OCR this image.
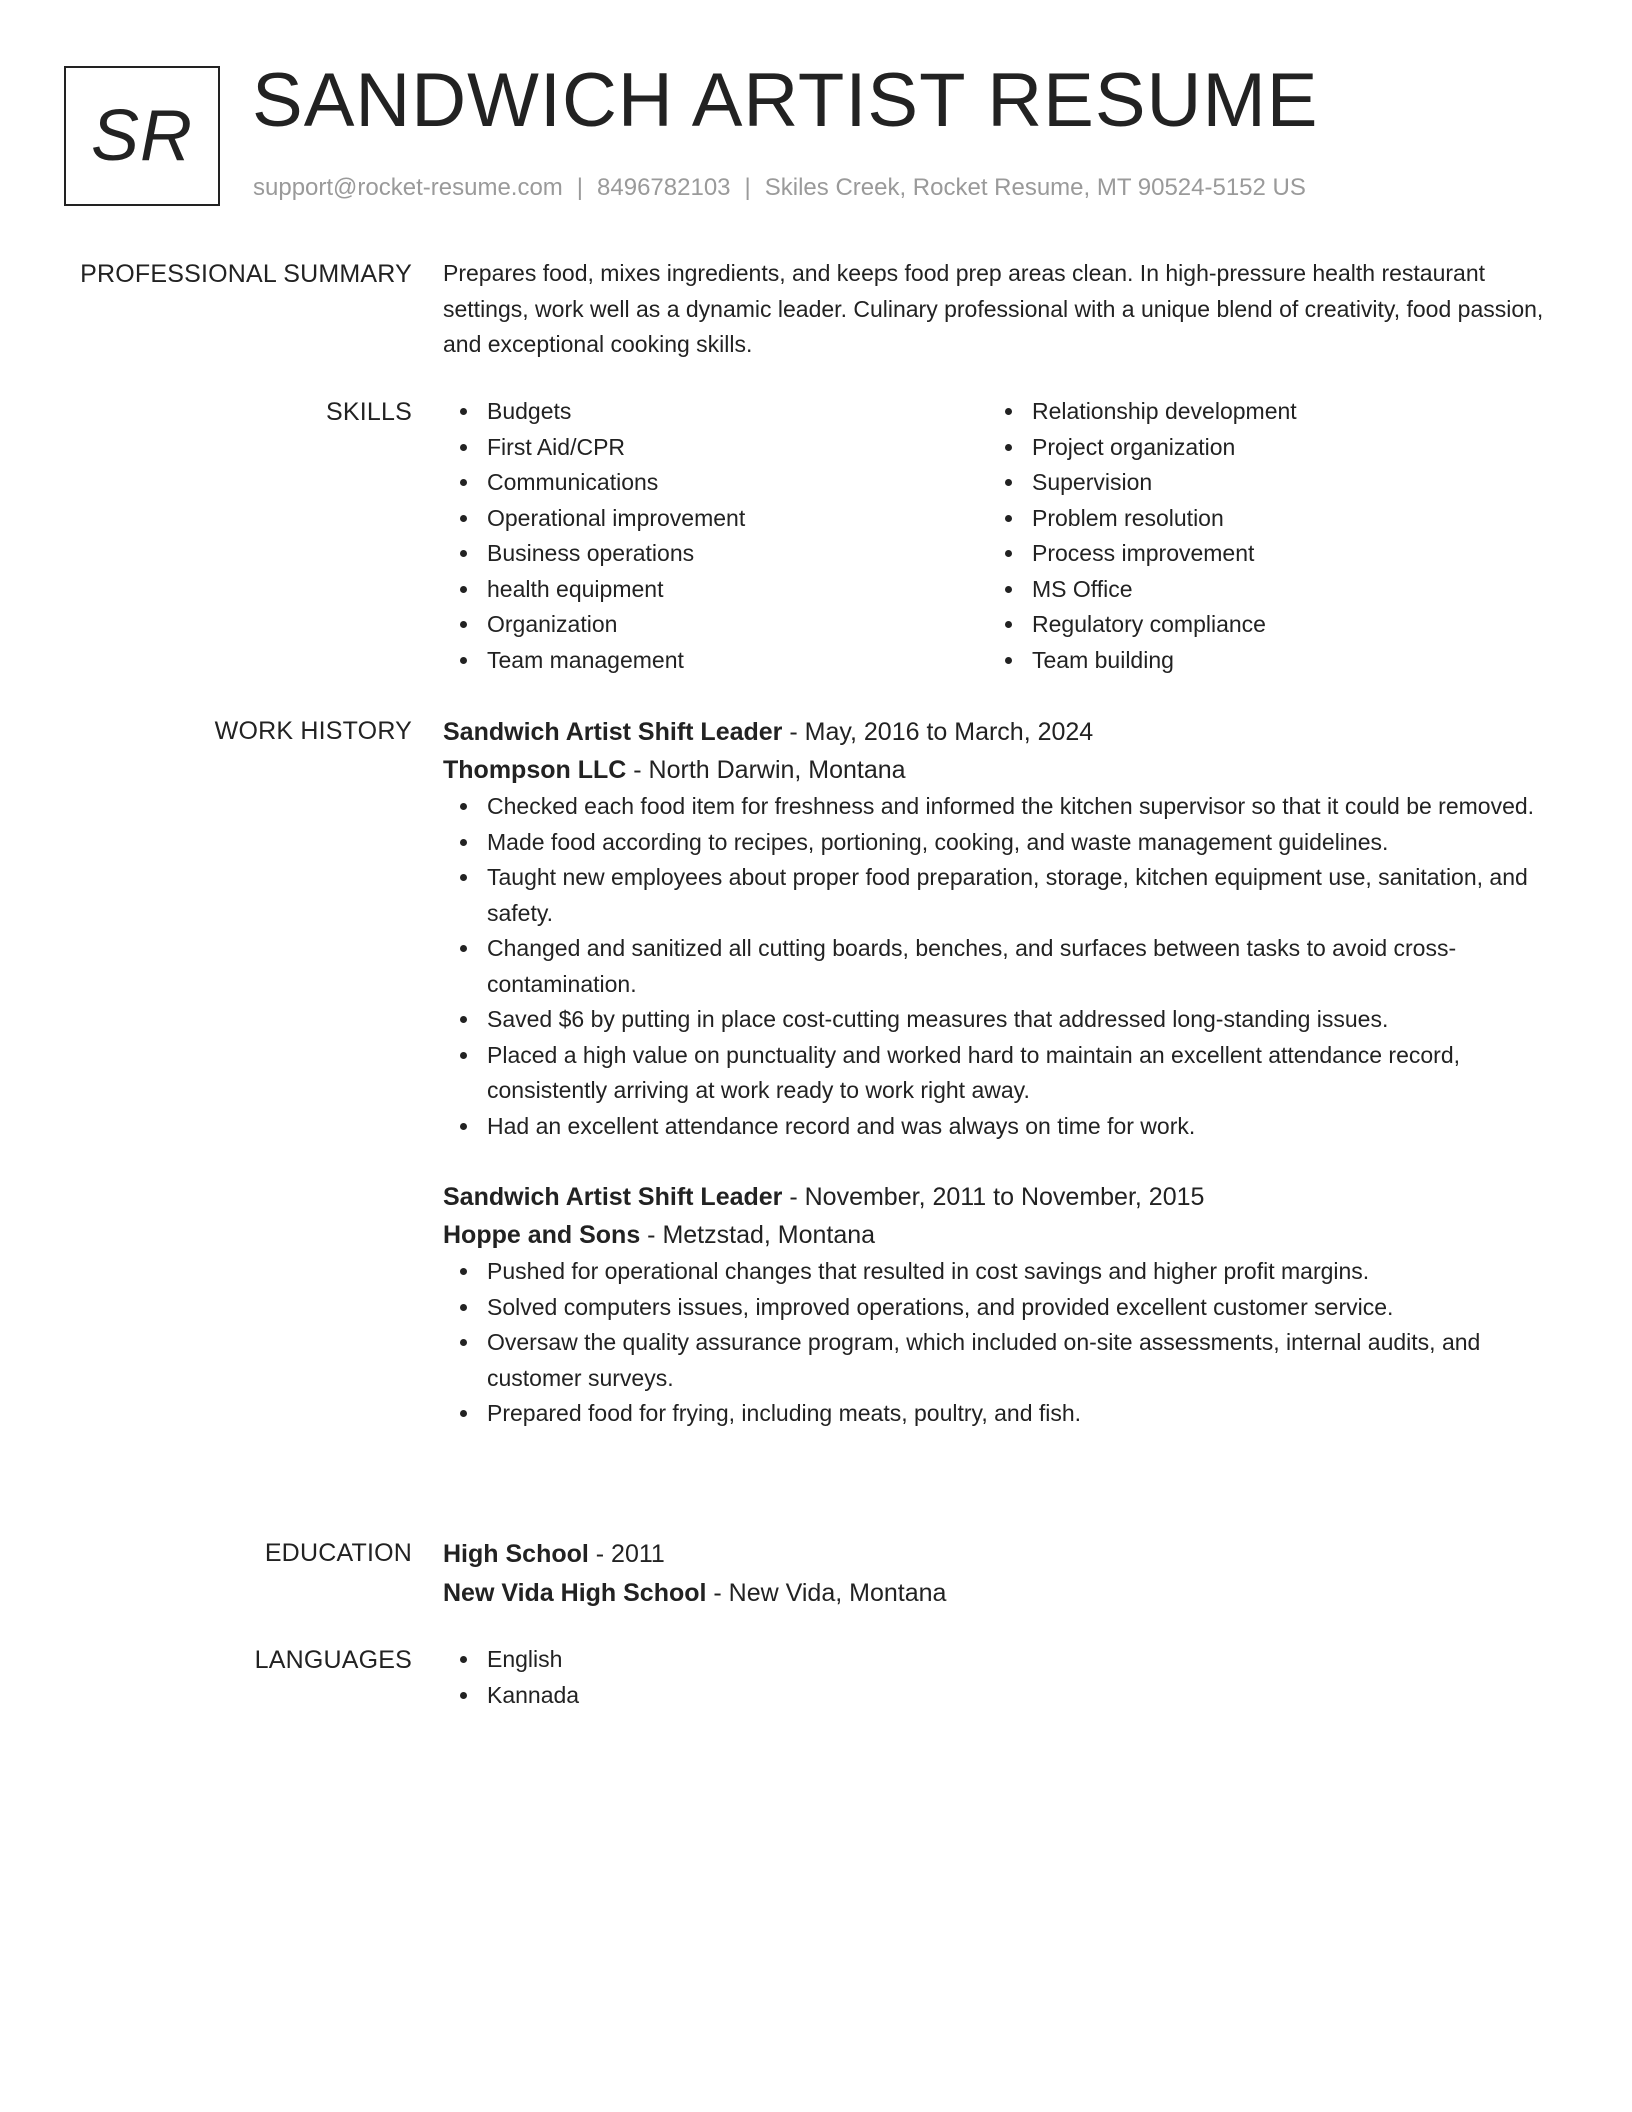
SR SANDWICH ARTIST RESUME
support@rocket-resume.com | 8496782103 | Skiles Creek, Rocket Resume, MT 90524-5152 US
PROFESSIONAL SUMMARY Prepares food, mixes ingredients, and keeps food prep areas clean. In high-pressure health restaurant settings, work well as a dynamic leader. Culinary professional with a unique blend of creativity, food passion, and exceptional cooking skills.

SKILLS	Budgets
First Aid/CPR
Communications
Operational improvement
Business operations
health equipment
Organization
Team management
Relationship development
Project organization
Supervision
Problem resolution
Process improvement
MS Office
Regulatory compliance
Team building
WORK HISTORY Sandwich Artist Shift Leader - May, 2016 to March, 2024
Thompson LLC - North Darwin, Montana
Checked each food item for freshness and informed the kitchen supervisor so that it could be removed.
Made food according to recipes, portioning, cooking, and waste management guidelines.
Taught new employees about proper food preparation, storage, kitchen equipment use, sanitation, and safety.
Changed and sanitized all cutting boards, benches, and surfaces between tasks to avoid cross-contamination.
Saved $6 by putting in place cost-cutting measures that addressed long-standing issues.
Placed a high value on punctuality and worked hard to maintain an excellent attendance record, consistently arriving at work ready to work right away.
Had an excellent attendance record and was always on time for work.
Sandwich Artist Shift Leader - November, 2011 to November, 2015
Hoppe and Sons - Metzstad, Montana
Pushed for operational changes that resulted in cost savings and higher profit margins.
Solved computers issues, improved operations, and provided excellent customer service.
Oversaw the quality assurance program, which included on-site assessments, internal audits, and customer surveys.
Prepared food for frying, including meats, poultry, and fish.
EDUCATION High School - 2011
New Vida High School - New Vida, Montana
LANGUAGES	English
Kannada
